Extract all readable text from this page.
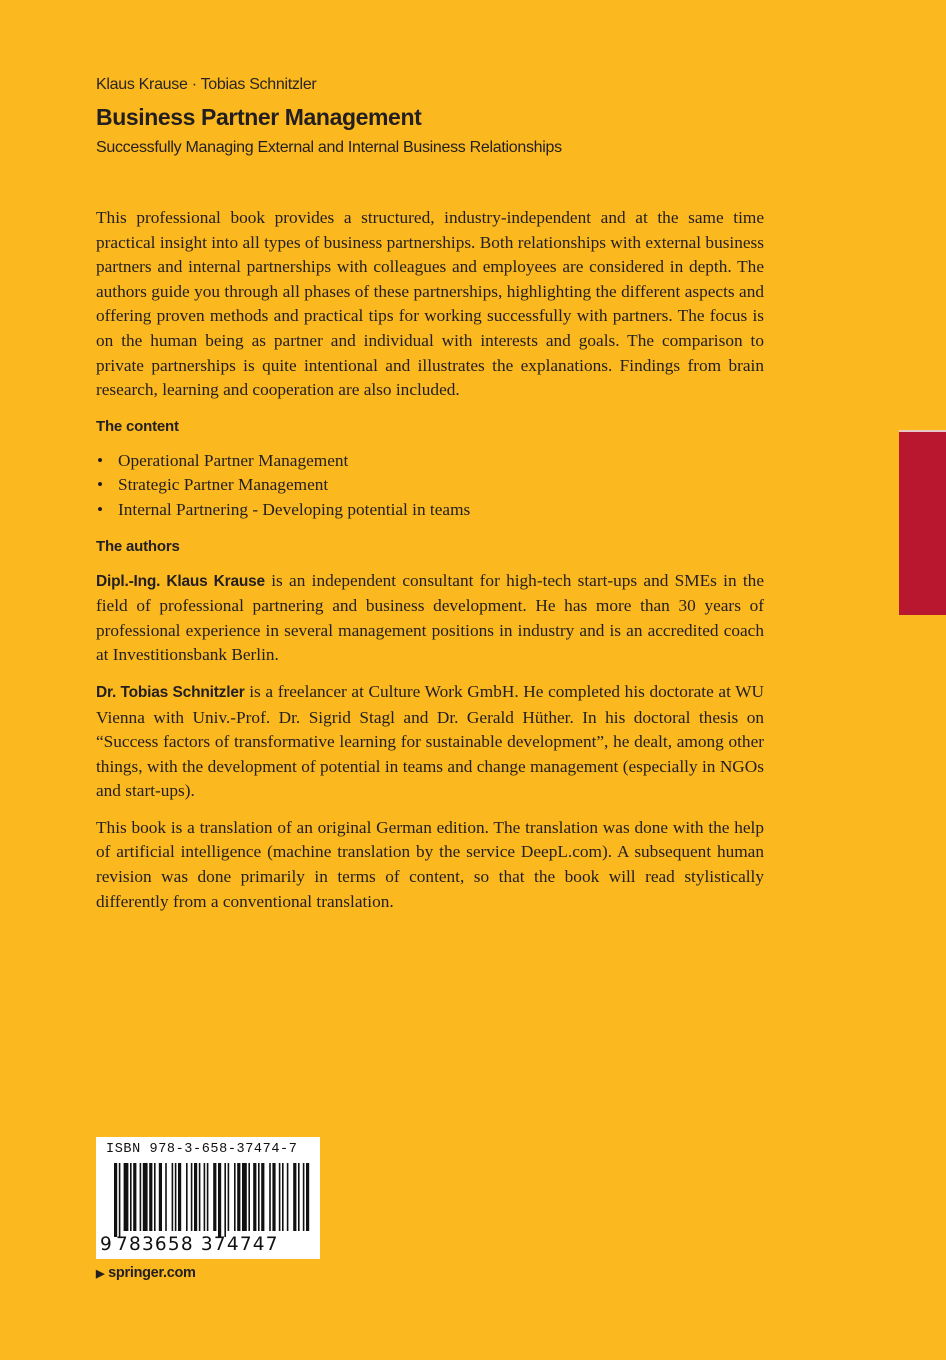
Klaus Krause · Tobias Schnitzler
Business Partner Management
Successfully Managing External and Internal Business Relationships

This professional book provides a structured, industry-independent and at the same time practical insight into all types of business partnerships. Both relationships with external business partners and internal partnerships with colleagues and employees are considered in depth. The authors guide you through all phases of these partnerships, highlighting the different aspects and offering proven methods and practical tips for working successfully with partners. The focus is on the human being as partner and individual with interests and goals. The comparison to private partnerships is quite intentional and illustrates the explanations. Findings from brain research, learning and cooperation are also included.

The content
• Operational Partner Management
• Strategic Partner Management
• Internal Partnering - Developing potential in teams
The authors

Dipl.-Ing. Klaus Krause is an independent consultant for high-tech start-ups and SMEs in the field of professional partnering and business development. He has more than 30 years of professional experience in several management positions in industry and is an accredited coach at Investitionsbank Berlin.

Dr. Tobias Schnitzler is a freelancer at Culture Work GmbH. He completed his doctorate at WU Vienna with Univ.-Prof. Dr. Sigrid Stagl and Dr. Gerald Hüther. In his doctoral thesis on “Success factors of transformative learning for sustainable development”, he dealt, among other things, with the development of potential in teams and change management (especially in NGOs and start-ups).

This book is a translation of an original German edition. The translation was done with the help of artificial intelligence (machine translation by the service DeepL.com). A subsequent human revision was done primarily in terms of content, so that the book will read stylistically differently from a conventional translation.

ISBN 978-3-658-37474-7
9 783658 374747
▶ springer.com
